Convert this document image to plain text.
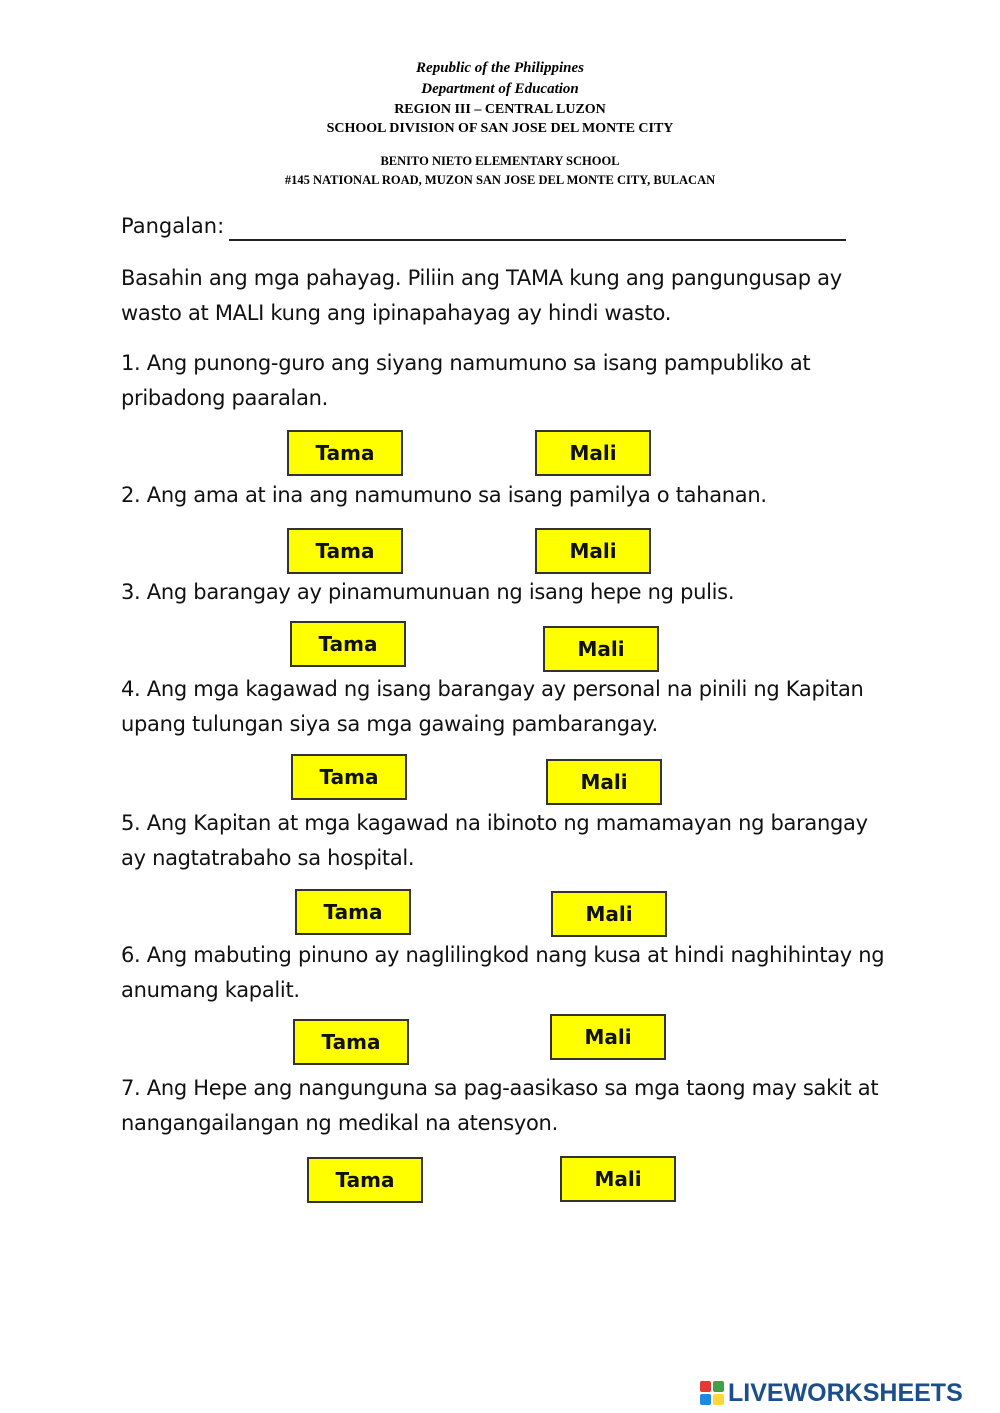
Republic of the Philippines
Department of Education
REGION III – CENTRAL LUZON
SCHOOL DIVISION OF SAN JOSE DEL MONTE CITY
BENITO NIETO ELEMENTARY SCHOOL
#145 NATIONAL ROAD, MUZON SAN JOSE DEL MONTE CITY, BULACAN
Pangalan:
Basahin ang mga pahayag. Piliin ang TAMA kung ang pangungusap ay wasto at MALI kung ang ipinapahayag ay hindi wasto.
1. Ang punong-guro ang siyang namumuno sa isang pampubliko at pribadong paaralan.
Tama	Mali
2. Ang ama at ina ang namumuno sa isang pamilya o tahanan.
Tama	Mali
3. Ang barangay ay pinamumunuan ng isang hepe ng pulis.
Tama	Mali
4. Ang mga kagawad ng isang barangay ay personal na pinili ng Kapitan upang tulungan siya sa mga gawaing pambarangay.
Tama	Mali
5. Ang Kapitan at mga kagawad na ibinoto ng mamamayan ng barangay ay nagtatrabaho sa hospital.
Tama	Mali
6. Ang mabuting pinuno ay naglilingkod nang kusa at hindi naghihintay ng anumang kapalit.
Tama	Mali
7. Ang Hepe ang nangunguna sa pag-aasikaso sa mga taong may sakit at nangangailangan ng medikal na atensyon.
Tama	Mali
LIVEWORKSHEETS
